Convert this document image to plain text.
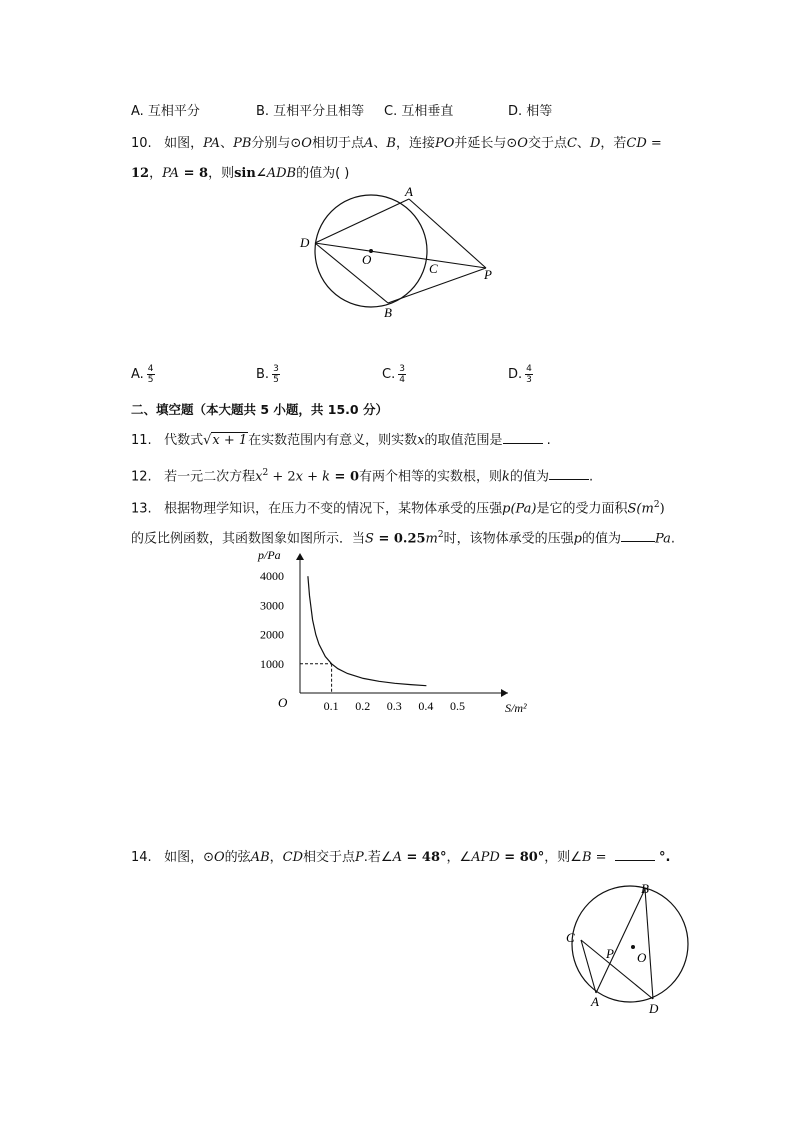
A. 互相平分	B. 互相平分且相等 C. 互相垂直	D. 相等
10. 如图，PA、PB分别与⊙O相切于点A、B，连接PO并延长与⊙O交于点C、D，若CD =
12，PA = 8，则sin∠ADB的值为( )
A
B
C
D
O
P
A. $\frac{4}{5}$	B. $\frac{3}{5}$	C. $\frac{3}{4}$	D. $\frac{4}{3}$
二、填空题（本大题共 5 小题，共 15.0 分）
11. 代数式√x + 1在实数范围内有意义，则实数x的取值范围是	.
12. 若一元二次方程$x^2 + 2x + k = 0$有两个相等的实数根，则k的值为	.
13. 根据物理学知识，在压力不变的情况下，某物体承受的压强p(Pa)是它的受力面积$S(m^2)$
的反比例函数，其函数图象如图所示．当$S = 0.25m^2$时，该物体承受的压强p的值为	Pa.
p/Pa
S/m²
O	0.1 0.2 0.3 0.4 0.5
1000
2000
3000
4000
14. 如图，⊙O的弦AB，CD相交于点P.若∠A = 48°，∠APD = 80°，则∠B =	°.
B
C
P O
A	D
